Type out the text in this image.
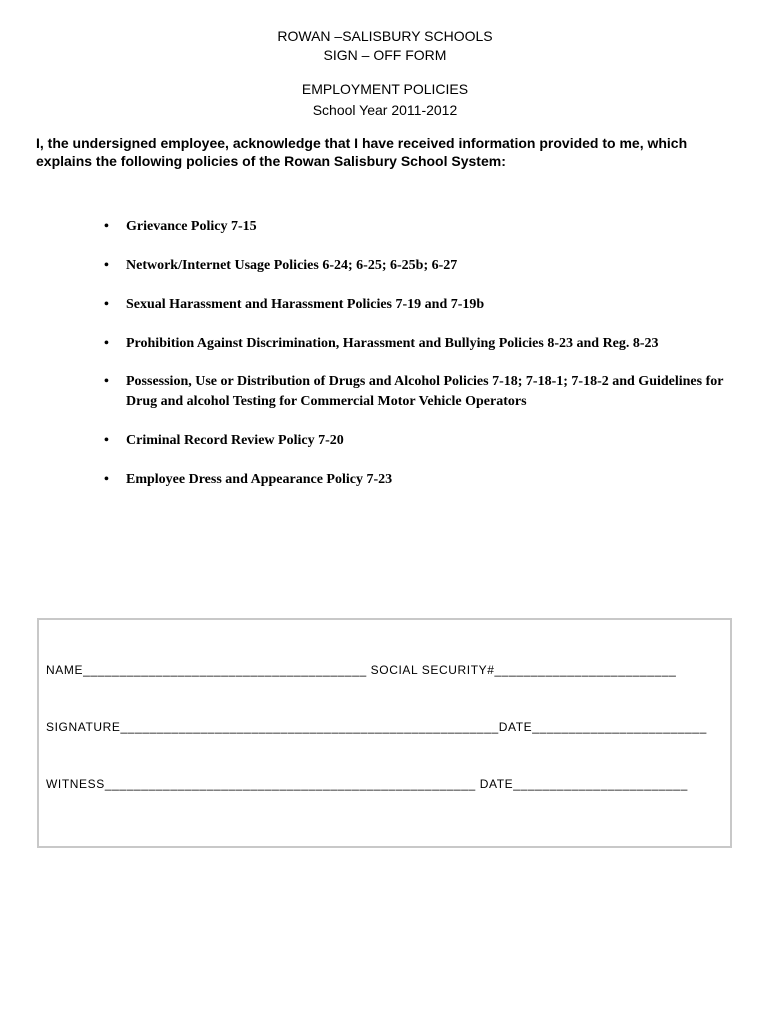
ROWAN –SALISBURY SCHOOLS
SIGN – OFF FORM
EMPLOYMENT POLICIES
School Year 2011-2012
I, the undersigned employee, acknowledge that I have received information provided to me, which explains the following policies of the Rowan Salisbury School System:
•	Grievance Policy 7-15
•	Network/Internet Usage Policies 6-24; 6-25; 6-25b; 6-27
•	Sexual Harassment and Harassment Policies 7-19 and 7-19b
•	Prohibition Against Discrimination, Harassment and Bullying Policies 8-23 and Reg. 8-23
•	Possession, Use or Distribution of Drugs and Alcohol Policies 7-18; 7-18-1; 7-18-2 and Guidelines for Drug and alcohol Testing for Commercial Motor Vehicle Operators
•	Criminal Record Review Policy 7-20
•	Employee Dress and Appearance Policy 7-23
NAME_______________________________________ SOCIAL SECURITY#_________________________
SIGNATURE____________________________________________________DATE________________________
WITNESS___________________________________________________ DATE________________________
